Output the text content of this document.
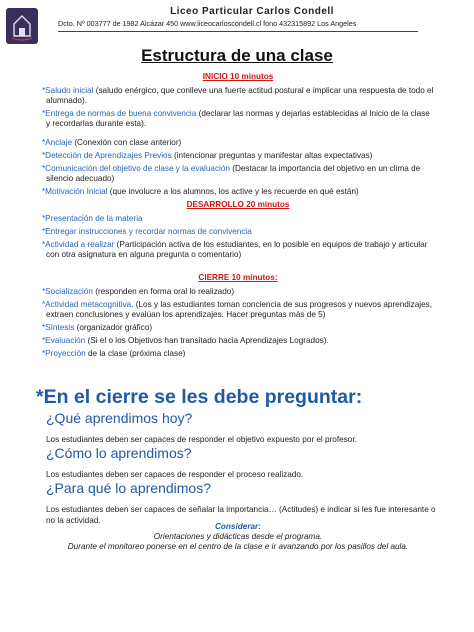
Liceo Particular Carlos Condell
Dcto. Nº 003777 de 1982 Alcázar 450 www.liceocarloscondell.cl fono 432315892 Los Angeles
Estructura de una clase
INICIO 10 minutos
*Saludo inicial (saludo enérgico, que conlleve una fuerte actitud postural e implicar una respuesta de todo el alumnado).
*Entrega de normas de buena convivencia (declarar las normas y dejarlas establecidas al Inicio de la clase y recordarlas durante esta).
*Anclaje (Conexión con clase anterior)
*Detección de Aprendizajes Previos (intencionar preguntas y manifestar altas expectativas)
*Comunicación del objetivo de clase y la evaluación (Destacar la importancia del objetivo en un clima de silencio adecuado)
*Motivación Inicial (que involucre a los alumnos, los active y les recuerde en qué están)
DESARROLLO 20 minutos
*Presentación de la materia
*Entregar instrucciones y recordar normas de convivencia
*Actividad a realizar (Participación activa de los estudiantes, en lo posible en equipos de trabajo y articular con otra asignatura en alguna pregunta o comentario)
CIERRE 10 minutos:
*Socialización (responden en forma oral lo realizado)
*Actividad metacognitiva. (Los y las estudiantes toman conciencia de sus progresos y nuevos aprendizajes, extraen conclusiones y evalúan los aprendizajes. Hacer preguntas más de 5)
*Síntesis (organizador gráfico)
*Evaluación (Si el o los Objetivos han transitado hacia Aprendizajes Logrados).
*Proyección de la clase (próxima clase)
*En el cierre se les debe preguntar:
¿Qué aprendimos hoy?
Los estudiantes deben ser capaces de responder el objetivo expuesto por el profesor.
¿Cómo lo aprendimos?
Los estudiantes deben ser capaces de responder el proceso realizado.
¿Para qué lo aprendimos?
Los estudiantes deben ser capaces de señalar la importancia… (Actitudes) e indicar si les fue interesante o no la actividad.
Considerar:
Orientaciones y didácticas desde el programa.
Durante el monitoreo ponerse en el centro de la clase e ir avanzando por los pasillos del aula.
